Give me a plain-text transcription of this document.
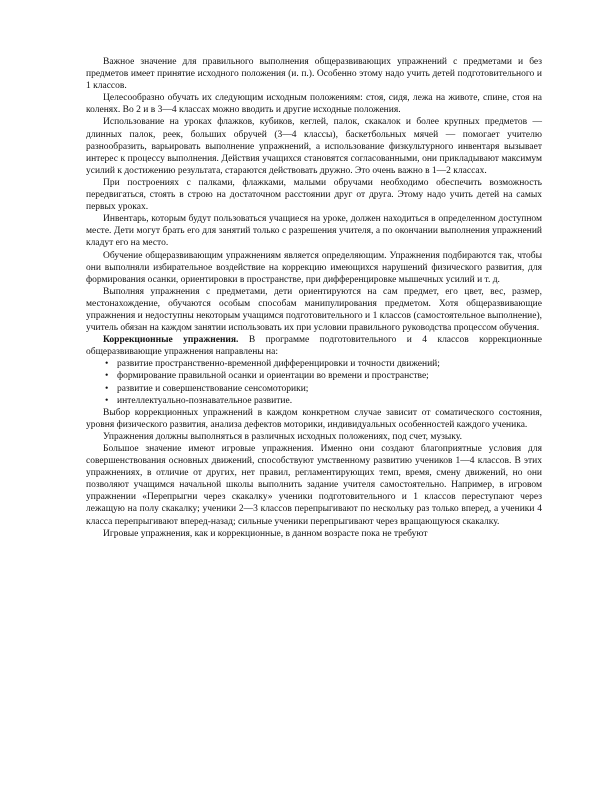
Важное значение для правильного выполнения общеразвивающих упражнений с предметами и без предметов имеет принятие исходного положения (и. п.). Особенно этому надо учить детей подготовительного и 1 классов.

Целесообразно обучать их следующим исходным положениям: стоя, сидя, лежа на животе, спине, стоя на коленях. Во 2 и в 3—4 классах можно вводить и другие исходные положения.

Использование на уроках флажков, кубиков, кеглей, палок, скакалок и более крупных предметов — длинных палок, реек, больших обручей (3—4 классы), баскетбольных мячей — помогает учителю разнообразить, варьировать выполнение упражнений, а использование физкультурного инвентаря вызывает интерес к процессу выполнения. Действия учащихся становятся согласованными, они прикладывают максимум усилий к достижению результата, стараются действовать дружно. Это очень важно в 1—2 классах.

При построениях с палками, флажками, малыми обручами необходимо обеспечить возможность передвигаться, стоять в строю на достаточном расстоянии друг от друга. Этому надо учить детей на самых первых уроках.

Инвентарь, которым будут пользоваться учащиеся на уроке, должен находиться в определенном доступном месте. Дети могут брать его для занятий только с разрешения учителя, а по окончании выполнения упражнений кладут его на место.

Обучение общеразвивающим упражнениям является определяющим. Упражнения подбираются так, чтобы они выполняли избирательное воздействие на коррекцию имеющихся нарушений физического развития, для формирования осанки, ориентировки в пространстве, при дифференцировке мышечных усилий и т. д.

Выполняя упражнения с предметами, дети ориентируются на сам предмет, его цвет, вес, размер, местонахождение, обучаются особым способам манипулирования предметом. Хотя общеразвивающие упражнения и недоступны некоторым учащимся подготовительного и 1 классов (самостоятельное выполнение), учитель обязан на каждом занятии использовать их при условии правильного руководства процессом обучения.

Коррекционные упражнения. В программе подготовительного и 4 классов коррекционные общеразвивающие упражнения направлены на:

• развитие пространственно-временной дифференцировки и точности движений;
• формирование правильной осанки и ориентации во времени и пространстве;
• развитие и совершенствование сенсомоторики;
• интеллектуально-познавательное развитие.

Выбор коррекционных упражнений в каждом конкретном случае зависит от соматического состояния, уровня физического развития, анализа дефектов моторики, индивидуальных особенностей каждого ученика.

Упражнения должны выполняться в различных исходных положениях, под счет, музыку.

Большое значение имеют игровые упражнения. Именно они создают благоприятные условия для совершенствования основных движений, способствуют умственному развитию учеников 1—4 классов. В этих упражнениях, в отличие от других, нет правил, регламентирующих темп, время, смену движений, но они позволяют учащимся начальной школы выполнить задание учителя самостоятельно. Например, в игровом упражнении «Перепрыгни через скакалку» ученики подготовительного и 1 классов переступают через лежащую на полу скакалку; ученики 2—3 классов перепрыгивают по нескольку раз только вперед, а ученики 4 класса перепрыгивают вперед-назад; сильные ученики перепрыгивают через вращающуюся скакалку.

Игровые упражнения, как и коррекционные, в данном возрасте пока не требуют
